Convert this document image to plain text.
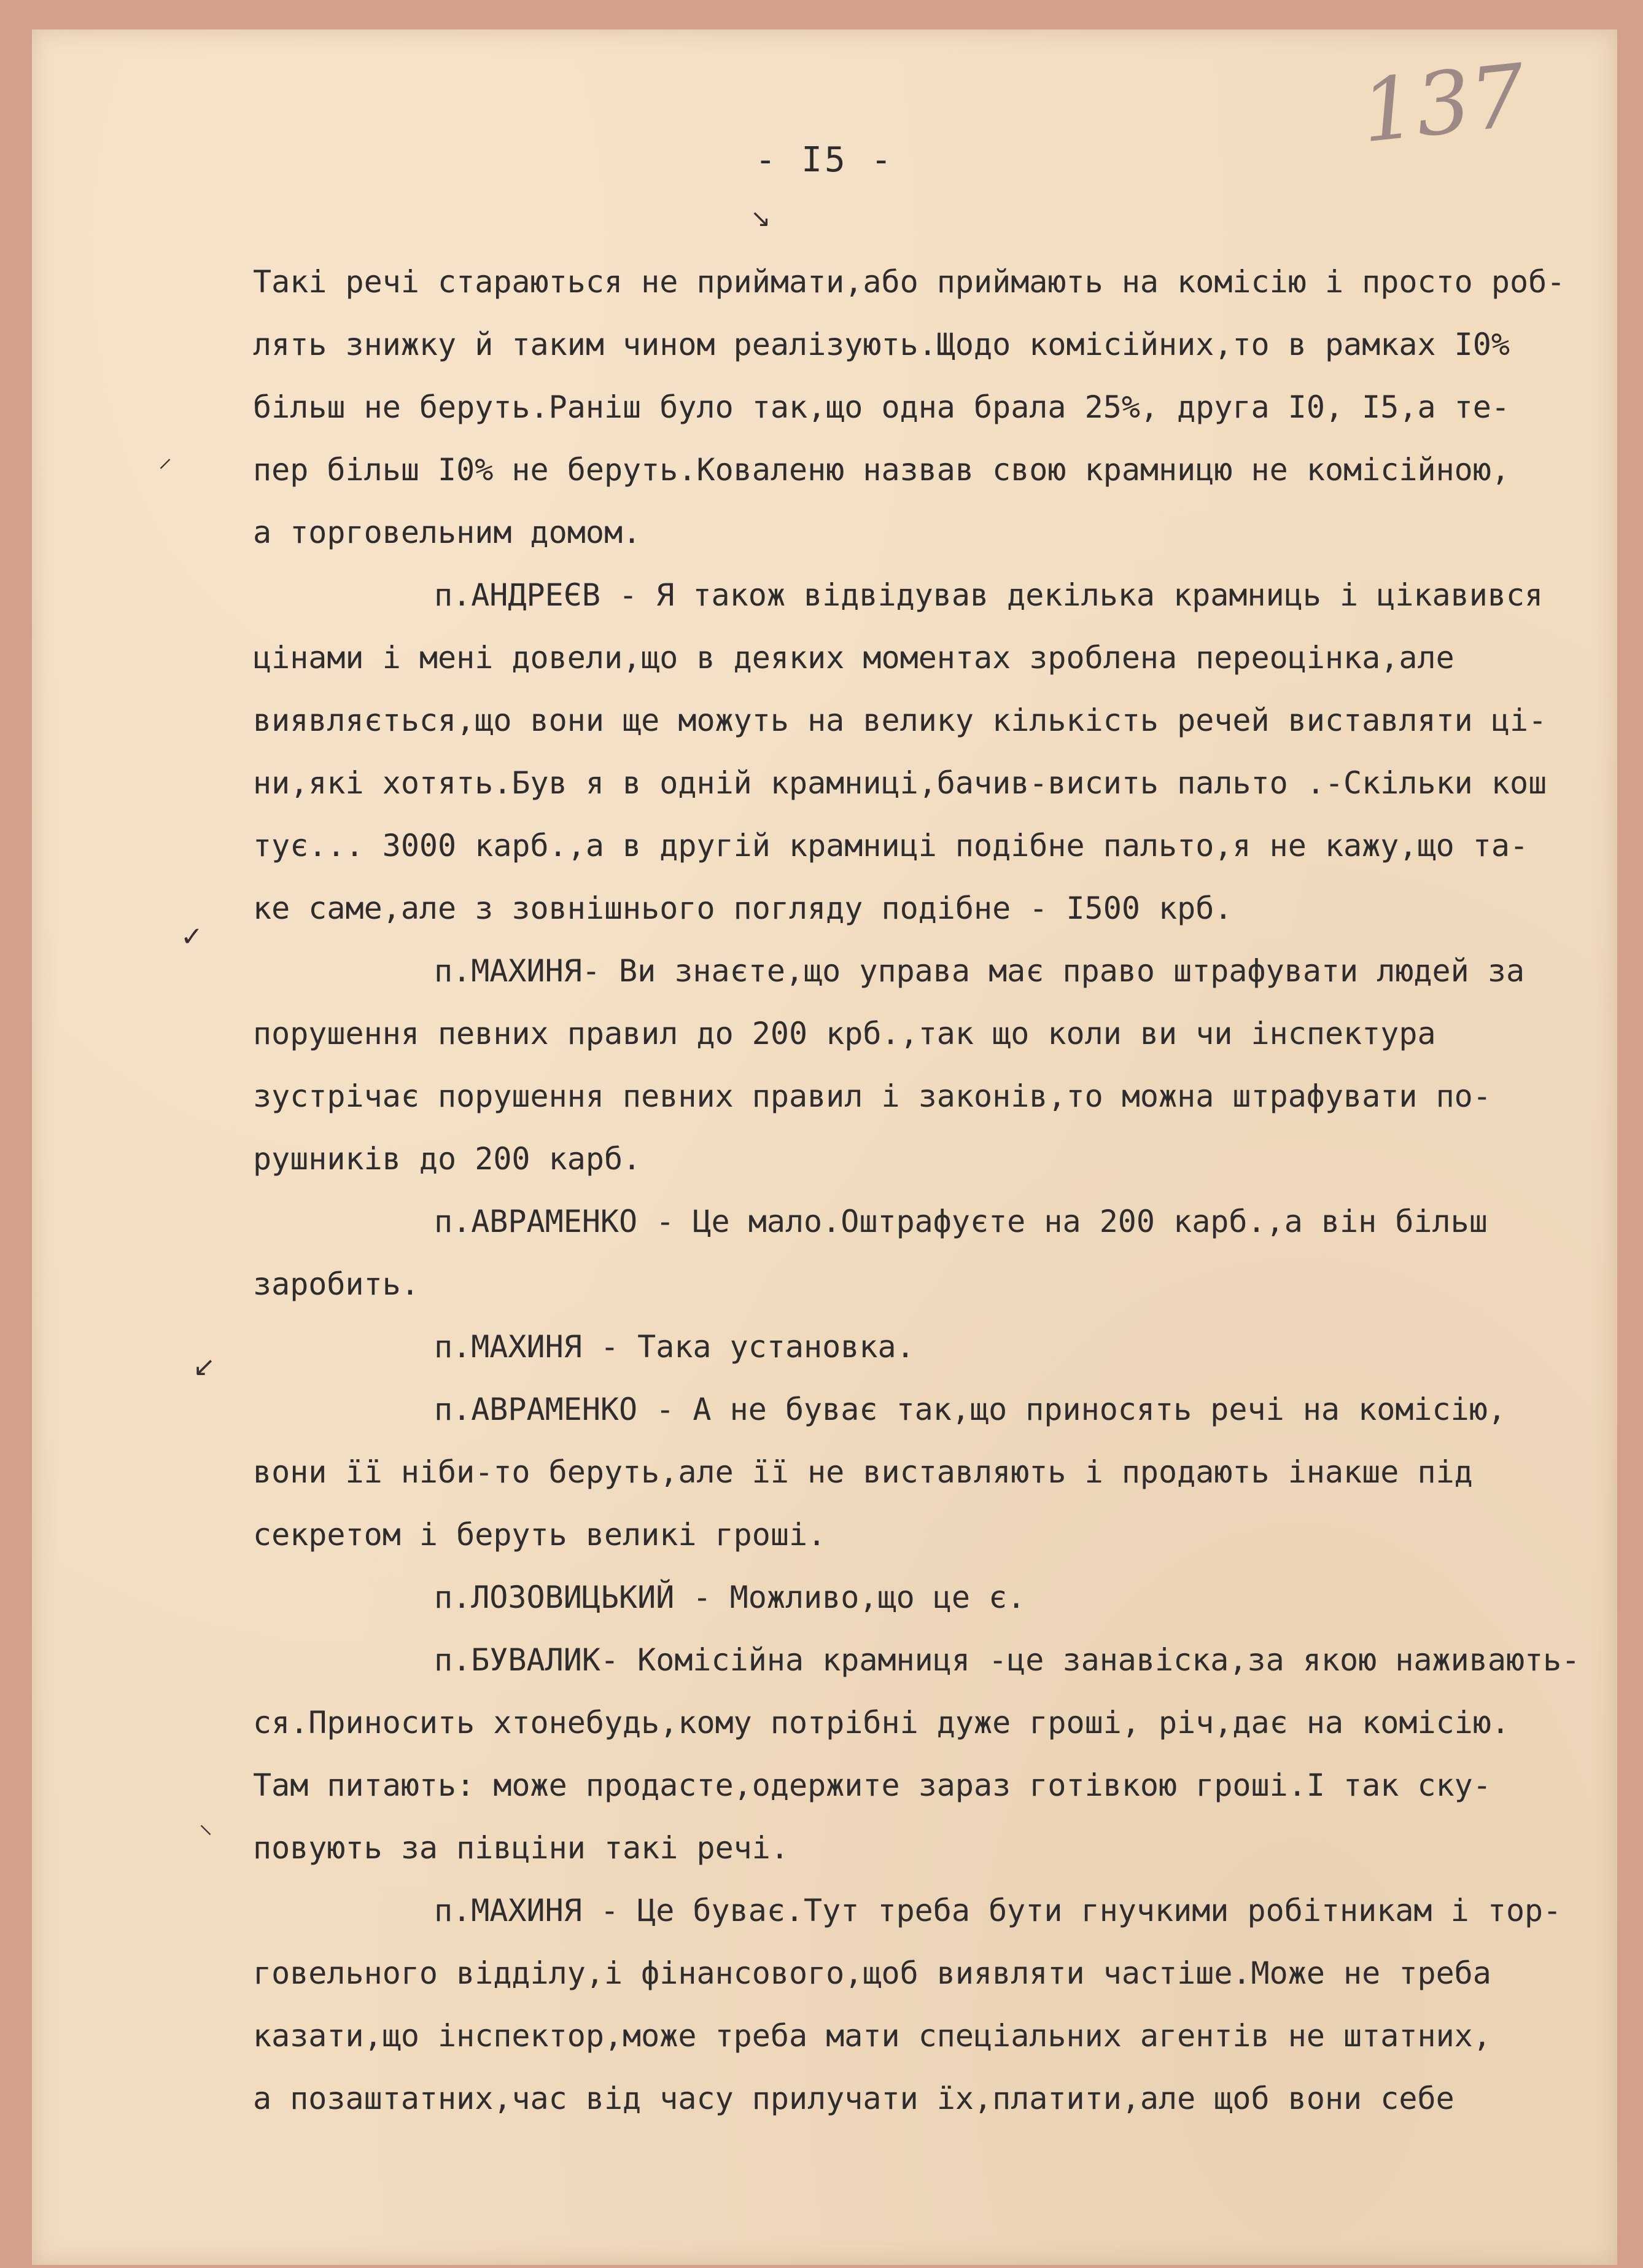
137
- I5 -
⸝
✓
↙
⸌
Такі речі стараються не приймати,або приймають на комісію і просто роб-
лять знижку й таким чином реалізують.Щодо комісійних,то в рамках I0%
більш не беруть.Раніш було так,що одна брала 25%, друга I0, I5,а те-
пер більш I0% не беруть.Коваленю назвав свою крамницю не комісійною,
а торговельним домом.
п.АНДРЕЄВ - Я також відвідував декілька крамниць і цікавився
цінами і мені довели,що в деяких моментах зроблена переоцінка,але
виявляється,що вони ще можуть на велику кількість речей виставляти ці-
ни,які хотять.Був я в одній крамниці,бачив-висить пальто .-Скільки кош
тує... 3000 карб.,а в другій крамниці подібне пальто,я не кажу,що та-
ке саме,але з зовнішнього погляду подібне - I500 крб.
п.МАХИНЯ- Ви знаєте,що управа має право штрафувати людей за
порушення певних правил до 200 крб.,так що коли ви чи інспектура
зустрічає порушення певних правил і законів,то можна штрафувати по-
рушників до 200 карб.
п.АВРАМЕНКО - Це мало.Оштрафуєте на 200 карб.,а він більш
заробить.
п.МАХИНЯ - Така установка.
п.АВРАМЕНКО - А не буває так,що приносять речі на комісію,
вони її ніби-то беруть,але її не виставляють і продають інакше під
секретом і беруть великі гроші.
п.ЛОЗОВИЦЬКИЙ - Можливо,що це є.
п.БУВАЛИК- Комісійна крамниця -це занавіска,за якою наживають-
ся.Приносить хтонебудь,кому потрібні дуже гроші, річ,дає на комісію.
Там питають: може продасте,одержите зараз готівкою гроші.І так ску-
повують за півціни такі речі.
п.МАХИНЯ - Це буває.Тут треба бути гнучкими робітникам і тор-
говельного відділу,і фінансового,щоб виявляти частіше.Може не треба
казати,що інспектор,може треба мати спеціальних агентів не штатних,
а позаштатних,час від часу прилучати їх,платити,але щоб вони себе
↘
